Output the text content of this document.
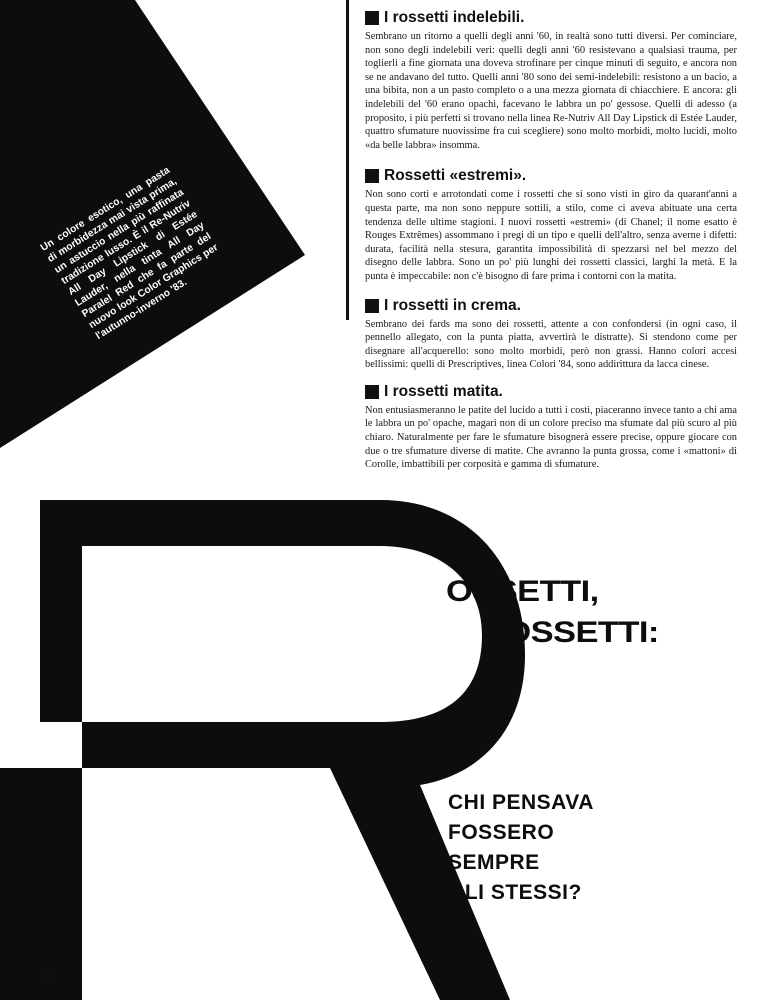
Un colore esotico, una pasta di morbidezza mai vista prima, un astuccio nella più raffinata tradizione lusso. È il Re-Nutriv All Day Lipstick di Estée Lauder, nella tinta All Day Paralel Red che fa parte del nuovo look Color Graphics per l'autunno-inverno '83.
I rossetti indelebili.

Sembrano un ritorno a quelli degli anni '60, in realtà sono tutti diversi. Per cominciare, non sono degli indelebili veri: quelli degli anni '60 resistevano a qualsiasi trauma, per toglierli a fine giornata una doveva strofinare per cinque minuti di seguito, e ancora non se ne andavano del tutto. Quelli anni '80 sono dei semi-indelebili: resistono a un bacio, a una bibita, non a un pasto completo o a una mezza giornata di chiacchiere. E ancora: gli indelebili del '60 erano opachi, facevano le labbra un po' gessose. Quelli di adesso (a proposito, i più perfetti si trovano nella linea Re-Nutriv All Day Lipstick di Estée Lauder, quattro sfumature nuovissime fra cui scegliere) sono molto morbidi, molto lucidi, molto «da belle labbra» insomma.

Rossetti «estremi».

Non sono corti e arrotondati come i rossetti che si sono visti in giro da quarant'anni a questa parte, ma non sono neppure sottili, a stilo, come ci aveva abituate una certa tendenza delle ultime stagioni. I nuovi rossetti «estremi» (di Chanel; il nome esatto è Rouges Extrêmes) assommano i pregi di un tipo e quelli dell'altro, senza averne i difetti: durata, facilità nella stesura, garantita impossibilità di spezzarsi nel bel mezzo del disegno delle labbra. Sono un po' più lunghi dei rossetti classici, larghi la metà. E la punta è impeccabile: non c'è bisogno di fare prima i contorni con la matita.

I rossetti in crema.

Sembrano dei fards ma sono dei rossetti, attente a con confondersi (in ogni caso, il pennello allegato, con la punta piatta, avvertirà le distratte). Si stendono come per disegnare all'acquerello: sono molto morbidi, però non grassi. Hanno colori accesi bellissimi: quelli di Prescriptives, linea Colori '84, sono addirittura da lacca cinese.

I rossetti matita.

Non entusiasmeranno le patite del lucido a tutti i costi, piaceranno invece tanto a chi ama le labbra un po' opache, magari non di un colore preciso ma sfumate dal più scuro al più chiaro. Naturalmente per fare le sfumature bisognerà essere precise, oppure giocare con due o tre sfumature diverse di matite. Che avranno la punta grossa, come i «mattoni» di Corolle, imbattibili per corposità e gamma di sfumature.

OSSETTI,
ROSSETTI:
CHI PENSAVA
FOSSERO
SEMPRE
GLI STESSI?
572
